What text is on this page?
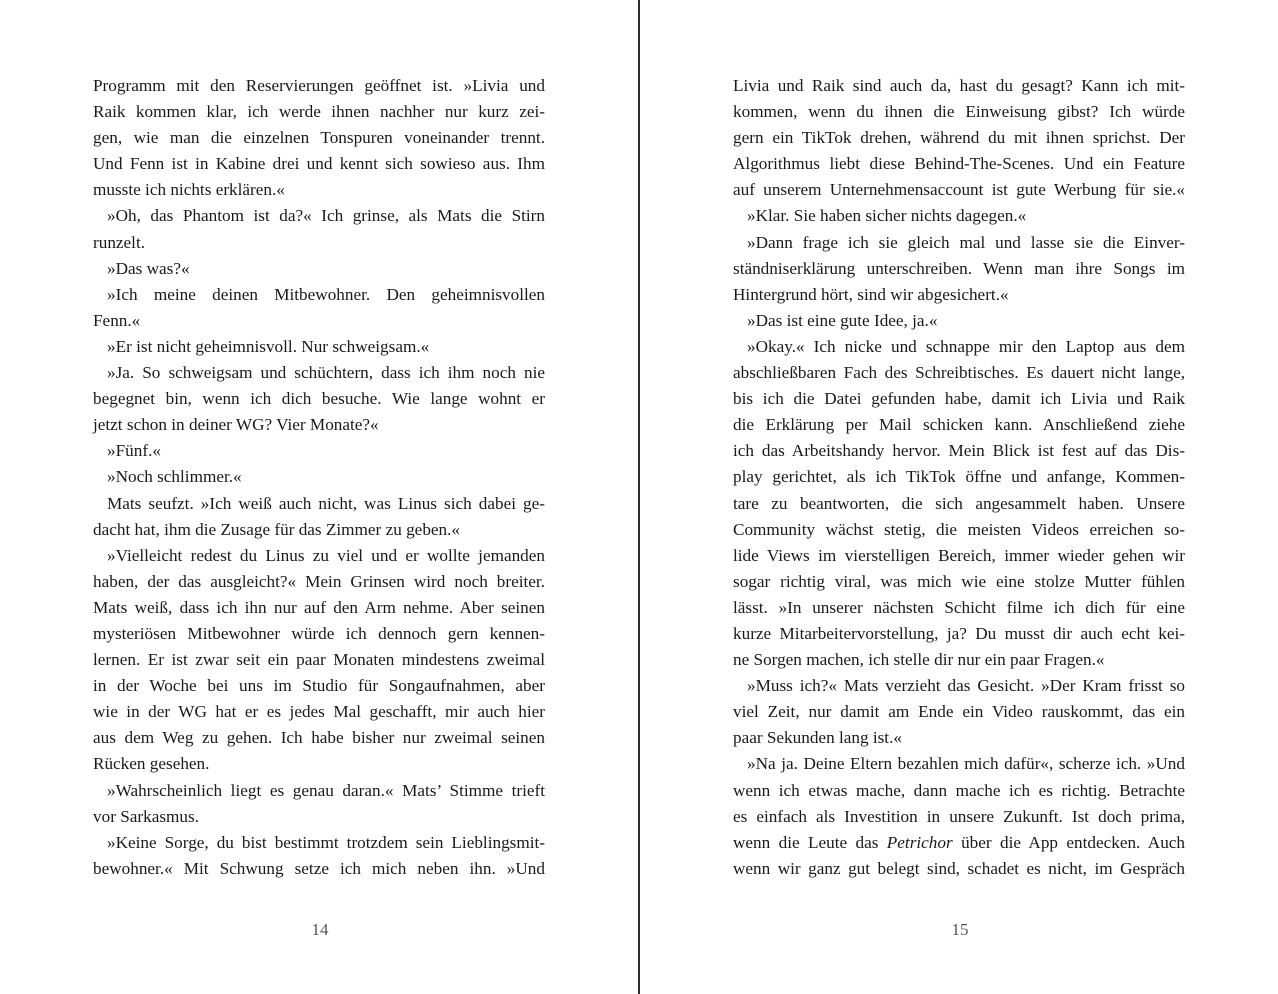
Programm mit den Reservierungen geöffnet ist. »Livia und
Raik kommen klar, ich werde ihnen nachher nur kurz zei-
gen, wie man die einzelnen Tonspuren voneinander trennt.
Und Fenn ist in Kabine drei und kennt sich sowieso aus. Ihm
musste ich nichts erklären.«
»Oh, das Phantom ist da?« Ich grinse, als Mats die Stirn
runzelt.
»Das was?«
»Ich meine deinen Mitbewohner. Den geheimnisvollen
Fenn.«
»Er ist nicht geheimnisvoll. Nur schweigsam.«
»Ja. So schweigsam und schüchtern, dass ich ihm noch nie
begegnet bin, wenn ich dich besuche. Wie lange wohnt er
jetzt schon in deiner WG? Vier Monate?«
»Fünf.«
»Noch schlimmer.«
Mats seufzt. »Ich weiß auch nicht, was Linus sich dabei ge-
dacht hat, ihm die Zusage für das Zimmer zu geben.«
»Vielleicht redest du Linus zu viel und er wollte jemanden
haben, der das ausgleicht?« Mein Grinsen wird noch breiter.
Mats weiß, dass ich ihn nur auf den Arm nehme. Aber seinen
mysteriösen Mitbewohner würde ich dennoch gern kennen-
lernen. Er ist zwar seit ein paar Monaten mindestens zweimal
in der Woche bei uns im Studio für Songaufnahmen, aber
wie in der WG hat er es jedes Mal geschafft, mir auch hier
aus dem Weg zu gehen. Ich habe bisher nur zweimal seinen
Rücken gesehen.
»Wahrscheinlich liegt es genau daran.« Mats’ Stimme trieft
vor Sarkasmus.
»Keine Sorge, du bist bestimmt trotzdem sein Lieblingsmit-
bewohner.« Mit Schwung setze ich mich neben ihn. »Und
14
Livia und Raik sind auch da, hast du gesagt? Kann ich mit-
kommen, wenn du ihnen die Einweisung gibst? Ich würde
gern ein TikTok drehen, während du mit ihnen sprichst. Der
Algorithmus liebt diese Behind-The-Scenes. Und ein Feature
auf unserem Unternehmensaccount ist gute Werbung für sie.«
»Klar. Sie haben sicher nichts dagegen.«
»Dann frage ich sie gleich mal und lasse sie die Einver-
ständniserklärung unterschreiben. Wenn man ihre Songs im
Hintergrund hört, sind wir abgesichert.«
»Das ist eine gute Idee, ja.«
»Okay.« Ich nicke und schnappe mir den Laptop aus dem
abschließbaren Fach des Schreibtisches. Es dauert nicht lange,
bis ich die Datei gefunden habe, damit ich Livia und Raik
die Erklärung per Mail schicken kann. Anschließend ziehe
ich das Arbeitshandy hervor. Mein Blick ist fest auf das Dis-
play gerichtet, als ich TikTok öffne und anfange, Kommen-
tare zu beantworten, die sich angesammelt haben. Unsere
Community wächst stetig, die meisten Videos erreichen so-
lide Views im vierstelligen Bereich, immer wieder gehen wir
sogar richtig viral, was mich wie eine stolze Mutter fühlen
lässt. »In unserer nächsten Schicht filme ich dich für eine
kurze Mitarbeitervorstellung, ja? Du musst dir auch echt kei-
ne Sorgen machen, ich stelle dir nur ein paar Fragen.«
»Muss ich?« Mats verzieht das Gesicht. »Der Kram frisst so
viel Zeit, nur damit am Ende ein Video rauskommt, das ein
paar Sekunden lang ist.«
»Na ja. Deine Eltern bezahlen mich dafür«, scherze ich. »Und
wenn ich etwas mache, dann mache ich es richtig. Betrachte
es einfach als Investition in unsere Zukunft. Ist doch prima,
wenn die Leute das Petrichor über die App entdecken. Auch
wenn wir ganz gut belegt sind, schadet es nicht, im Gespräch
15
